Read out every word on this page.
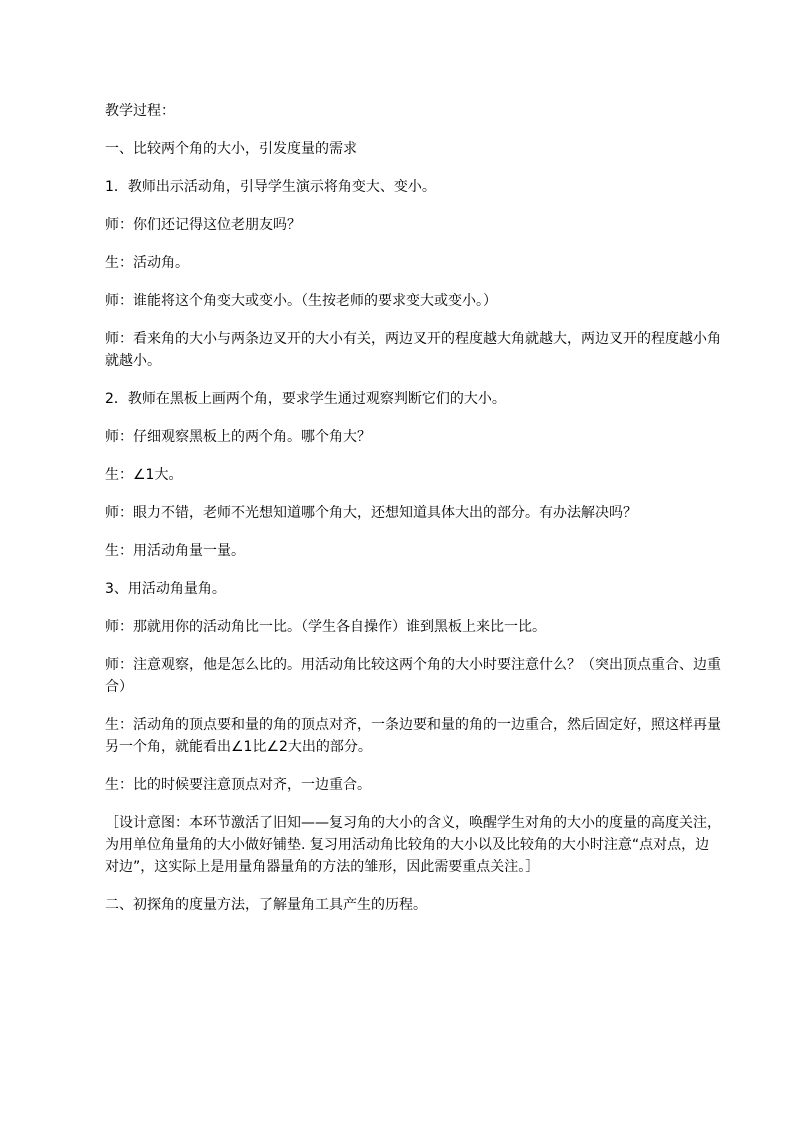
教学过程：

一、比较两个角的大小，引发度量的需求

1．教师出示活动角，引导学生演示将角变大、变小。

师：你们还记得这位老朋友吗？

生：活动角。

师：谁能将这个角变大或变小。（生按老师的要求变大或变小。）

师：看来角的大小与两条边叉开的大小有关，两边叉开的程度越大角就越大，两边叉开的程度越小角就越小。

2．教师在黑板上画两个角，要求学生通过观察判断它们的大小。

师：仔细观察黑板上的两个角。哪个角大？

生：∠1大。

师：眼力不错，老师不光想知道哪个角大，还想知道具体大出的部分。有办法解决吗？

生：用活动角量一量。

3、用活动角量角。

师：那就用你的活动角比一比。（学生各自操作）谁到黑板上来比一比。

师：注意观察，他是怎么比的。用活动角比较这两个角的大小时要注意什么？（突出顶点重合、边重合）

生：活动角的顶点要和量的角的顶点对齐，一条边要和量的角的一边重合，然后固定好，照这样再量另一个角，就能看出∠1比∠2大出的部分。

生：比的时候要注意顶点对齐，一边重合。

［设计意图：本环节激活了旧知——复习角的大小的含义，唤醒学生对角的大小的度量的高度关注，为用单位角量角的大小做好铺垫. 复习用活动角比较角的大小以及比较角的大小时注意“点对点，边对边”，这实际上是用量角器量角的方法的雏形，因此需要重点关注。］

二、初探角的度量方法，了解量角工具产生的历程。
